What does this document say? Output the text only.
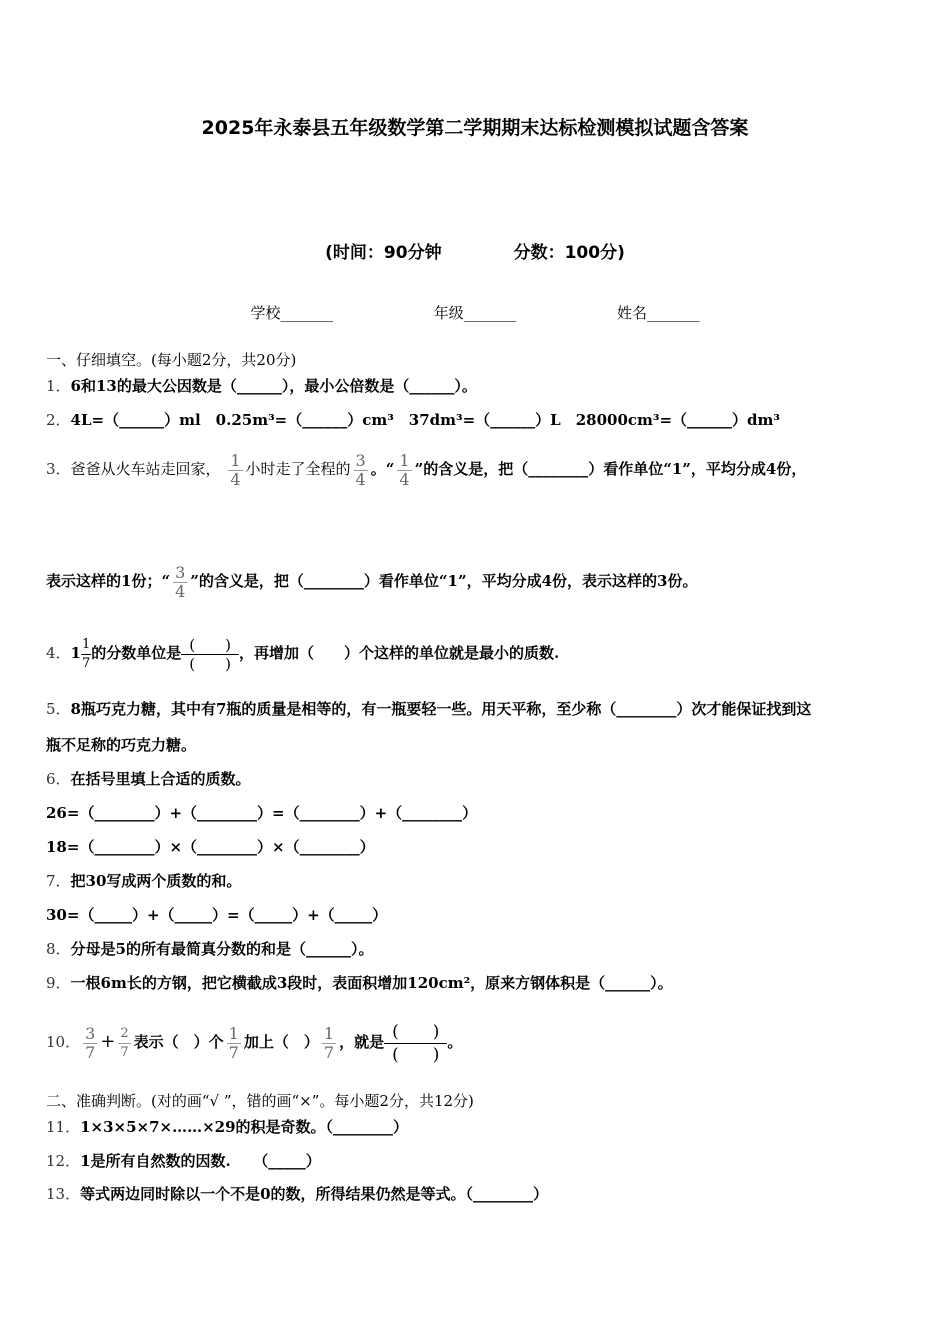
2025年永泰县五年级数学第二学期期末达标检测模拟试题含答案
(时间：90分钟	分数：100分)
学校_______	年级_______	姓名_______
一、仔细填空。(每小题2分，共20分)
1．6和13的最大公因数是（______），最小公倍数是（______）。
2．4L=（______）ml　0.25m³=（______）cm³　37dm³=（______）L　28000cm³=（______）dm³
3．爸爸从火车站走回家， $\frac{1}{4}$ 小时走了全程的 $\frac{3}{4}$ 。“ $\frac{1}{4}$ ”的含义是，把（________）看作单位“1”，平均分成4份，
表示这样的1份；“ $\frac{3}{4}$ ”的含义是，把（________）看作单位“1”，平均分成4份，表示这样的3份。
4．$1 \frac{1}{7}$ 的分数单位是 (　　)
(　　)
，再增加（　　）个这样的单位就是最小的质数.
5．8瓶巧克力糖，其中有7瓶的质量是相等的，有一瓶要轻一些。用天平称，至少称（________）次才能保证找到这
瓶不足称的巧克力糖。
6．在括号里填上合适的质数。
26=（________）+（________）=（________）+（________）
18=（________）×（________）×（________）
7．把30写成两个质数的和。
30=（_____）+（_____）=（_____）+（_____）
8．分母是5的所有最简真分数的和是（______）。
9．一根6m长的方钢，把它横截成3段时，表面积增加120cm²，原来方钢体积是（______）。
10． $\frac{3}{7} + \frac{2}{7}$ 表示（　）个 $\frac{1}{7}$ 加上（　） $\frac{1}{7}$ ，就是
(　　)
(　　)
。
二、准确判断。(对的画“√ ”，错的画“×”。每小题2分，共12分)
11．1×3×5×7×……×29的积是奇数。（________）
12．1是所有自然数的因数.　　（_____）
13．等式两边同时除以一个不是0的数，所得结果仍然是等式。（________）
